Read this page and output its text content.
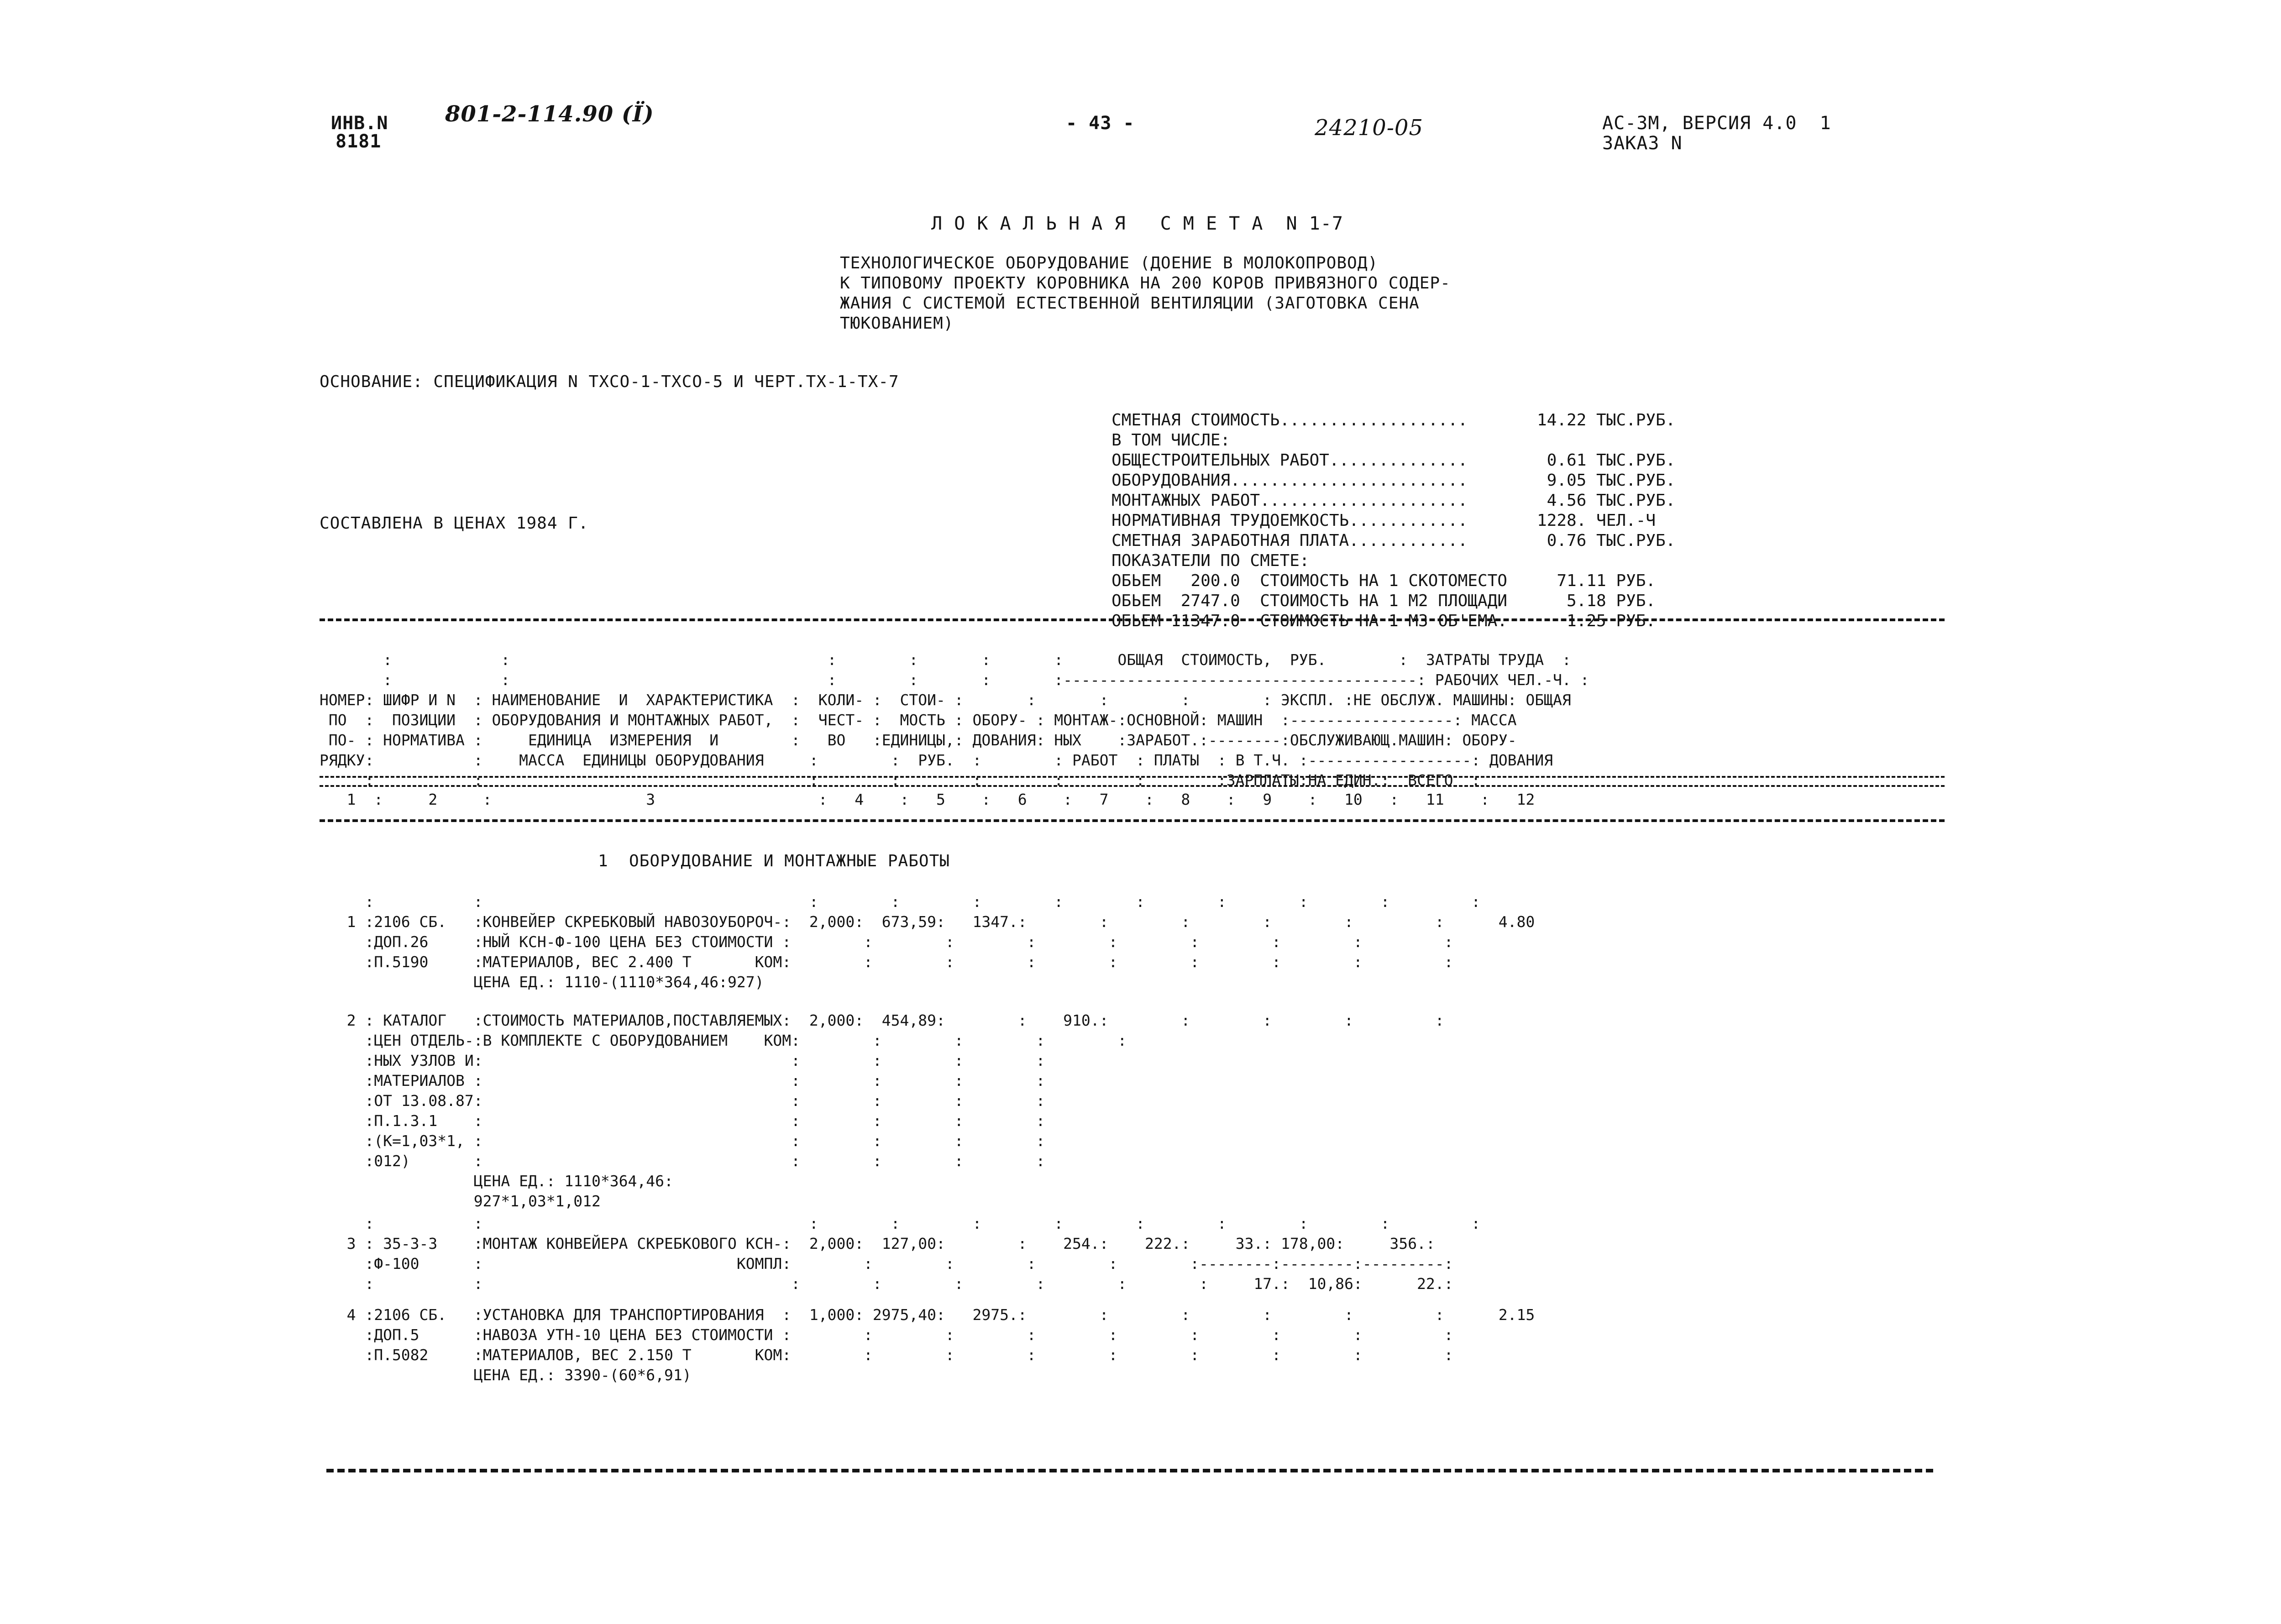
ИНВ.N
8181
801-2-114.90 (Ї)	- 43 -	24210-05	АС-3М, ВЕРСИЯ 4.0  1
ЗАКАЗ N
Л О К А Л Ь Н А Я   С М Е Т А  N 1-7
ТЕХНОЛОГИЧЕСКОЕ ОБОРУДОВАНИЕ (ДОЕНИЕ В МОЛОКОПРОВОД)
К ТИПОВОМУ ПРОЕКТУ КОРОВНИКА НА 200 КОРОВ ПРИВЯЗНОГО СОДЕР-
ЖАНИЯ С СИСТЕМОЙ ЕСТЕСТВЕННОЙ ВЕНТИЛЯЦИИ (ЗАГОТОВКА СЕНА
ТЮКОВАНИЕМ)
ОСНОВАНИЕ: СПЕЦИФИКАЦИЯ N ТХСО-1-ТХСО-5 И ЧЕРТ.ТХ-1-ТХ-7
СОСТАВЛЕНА В ЦЕНАХ 1984 Г.

СМЕТНАЯ СТОИМОСТЬ...................       14.22 ТЫС.РУБ.
В ТОМ ЧИСЛЕ:
ОБЩЕСТРОИТЕЛЬНЫХ РАБОТ..............        0.61 ТЫС.РУБ.
ОБОРУДОВАНИЯ........................        9.05 ТЫС.РУБ.
МОНТАЖНЫХ РАБОТ.....................        4.56 ТЫС.РУБ.
НОРМАТИВНАЯ ТРУДОЕМКОСТЬ............       1228. ЧЕЛ.-Ч
СМЕТНАЯ ЗАРАБОТНАЯ ПЛАТА............        0.76 ТЫС.РУБ.
ПОКАЗАТЕЛИ ПО СМЕТЕ:
ОБЬЕМ   200.0  СТОИМОСТЬ НА 1 СКОТОМЕСТО     71.11 РУБ.
ОБЬЕМ  2747.0  СТОИМОСТЬ НА 1 М2 ПЛОЩАДИ      5.18 РУБ.
ОБЬЕМ 11347.0  СТОИМОСТЬ НА 1 М3 ОБ'ЕМА.      1.25 РУБ.

:            :                                   :        :       :       :      ОБЩАЯ  СТОИМОСТЬ,  РУБ.        :  ЗАТРАТЫ ТРУДА  :
:            :                                   :        :       :       :---------------------------------------: РАБОЧИХ ЧЕЛ.-Ч. :
НОМЕР: ШИФР И N  : НАИМЕНОВАНИЕ  И  ХАРАКТЕРИСТИКА  :  КОЛИ- :  СТОИ- :       :       :        :        : ЭКСПЛ. :НЕ ОБСЛУЖ. МАШИНЫ: ОБЩАЯ
ПО  :  ПОЗИЦИИ  : ОБОРУДОВАНИЯ И МОНТАЖНЫХ РАБОТ,  :  ЧЕСТ- :  МОСТЬ : ОБОРУ- : МОНТАЖ-:ОСНОВНОЙ: МАШИН  :------------------: МАССА
ПО- : НОРМАТИВА :     ЕДИНИЦА  ИЗМЕРЕНИЯ  И        :   ВО   :ЕДИНИЦЫ,: ДОВАНИЯ: НЫХ    :ЗАРАБОТ.:--------:ОБСЛУЖИВАЮЩ.МАШИН: ОБОРУ-
РЯДКУ:           :    МАССА  ЕДИНИЦЫ ОБОРУДОВАНИЯ     :        :  РУБ.  :        : РАБОТ  : ПЛАТЫ  : В Т.Ч. :------------------: ДОВАНИЯ
:           :                                    :        :        :        :        :        :ЗАРПЛАТЫ:НА ЕДИН.:  ВСЕГО  :

1  :     2     :                 3                  :   4    :   5    :   6    :   7    :   8    :   9    :   10   :   11    :   12
1  ОБОРУДОВАНИЕ И МОНТАЖНЫЕ РАБОТЫ

:           :                                    :        :        :        :        :        :        :        :         :
1 :2106 СБ.   :КОНВЕЙЕР СКРЕБКОВЫЙ НАВОЗОУБОРОЧ-:  2,000:  673,59:   1347.:        :        :        :        :         :      4.80
:ДОП.26     :НЫЙ КСН-Ф-100 ЦЕНА БЕЗ СТОИМОСТИ :        :        :        :        :        :        :        :         :
:П.5190     :МАТЕРИАЛОВ, ВЕС 2.400 Т       КОМ:        :        :        :        :        :        :        :         :
ЦЕНА ЕД.: 1110-(1110*364,46:927)

2 : КАТАЛОГ   :СТОИМОСТЬ МАТЕРИАЛОВ,ПОСТАВЛЯЕМЫХ:  2,000:  454,89:        :    910.:        :        :        :         :
:ЦЕН ОТДЕЛЬ-:В КОМПЛЕКТЕ С ОБОРУДОВАНИЕМ    КОМ:        :        :        :        :
:НЫХ УЗЛОВ И:                                  :        :        :        :
:МАТЕРИАЛОВ :                                  :        :        :        :
:ОТ 13.08.87:                                  :        :        :        :
:П.1.3.1    :                                  :        :        :        :
:(К=1,03*1, :                                  :        :        :        :
:012)       :                                  :        :        :        :
ЦЕНА ЕД.: 1110*364,46:
927*1,03*1,012

:           :                                    :        :        :        :        :        :        :        :         :
3 : 35-3-3    :МОНТАЖ КОНВЕЙЕРА СКРЕБКОВОГО КСН-:  2,000:  127,00:        :    254.:    222.:     33.: 178,00:     356.:
:Ф-100      :                            КОМПЛ:        :        :        :        :        :--------:--------:---------:
:           :                                  :        :        :        :        :        :     17.:  10,86:      22.:

4 :2106 СБ.   :УСТАНОВКА ДЛЯ ТРАНСПОРТИРОВАНИЯ  :  1,000: 2975,40:   2975.:        :        :        :        :         :      2.15
:ДОП.5      :НАВОЗА УТН-10 ЦЕНА БЕЗ СТОИМОСТИ :        :        :        :        :        :        :        :         :
:П.5082     :МАТЕРИАЛОВ, ВЕС 2.150 Т       КОМ:        :        :        :        :        :        :        :         :
ЦЕНА ЕД.: 3390-(60*6,91)
